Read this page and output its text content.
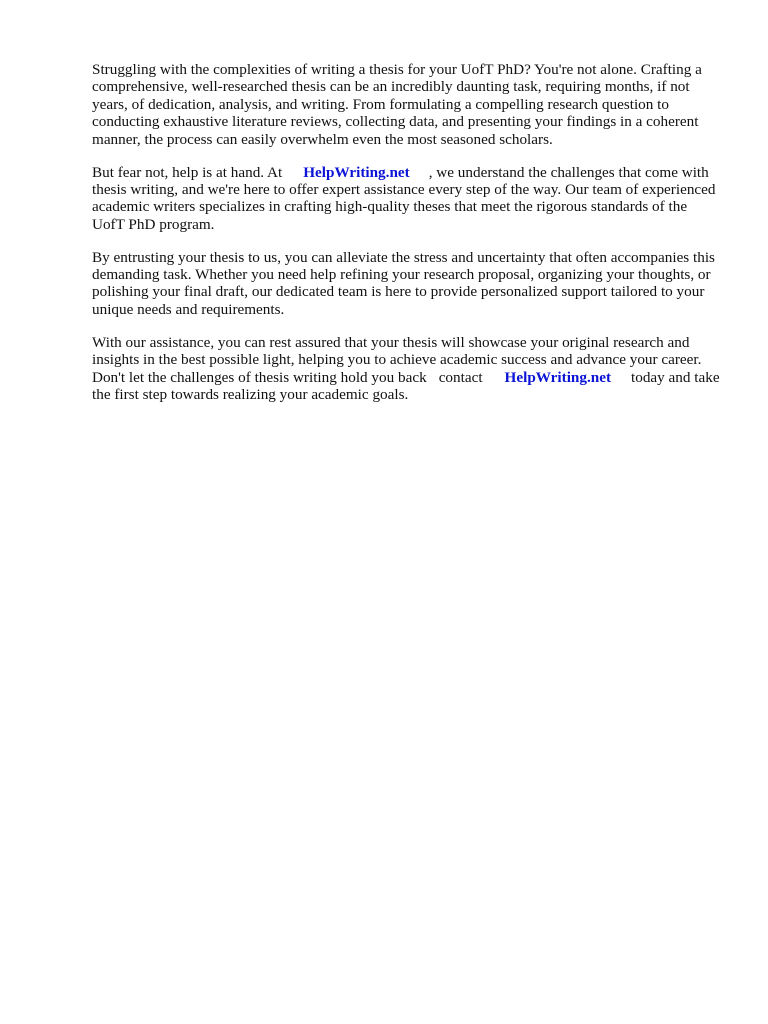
Struggling with the complexities of writing a thesis for your UofT PhD? You're not alone. Crafting a comprehensive, well-researched thesis can be an incredibly daunting task, requiring months, if not years, of dedication, analysis, and writing. From formulating a compelling research question to conducting exhaustive literature reviews, collecting data, and presenting your findings in a coherent manner, the process can easily overwhelm even the most seasoned scholars.

But fear not, help is at hand. At HelpWriting.net , we understand the challenges that come with thesis writing, and we're here to offer expert assistance every step of the way. Our team of experienced academic writers specializes in crafting high-quality theses that meet the rigorous standards of the UofT PhD program.

By entrusting your thesis to us, you can alleviate the stress and uncertainty that often accompanies this demanding task. Whether you need help refining your research proposal, organizing your thoughts, or polishing your final draft, our dedicated team is here to provide personalized support tailored to your unique needs and requirements.

With our assistance, you can rest assured that your thesis will showcase your original research and insights in the best possible light, helping you to achieve academic success and advance your career. Don't let the challenges of thesis writing hold you back contact HelpWriting.net today and take the first step towards realizing your academic goals.
